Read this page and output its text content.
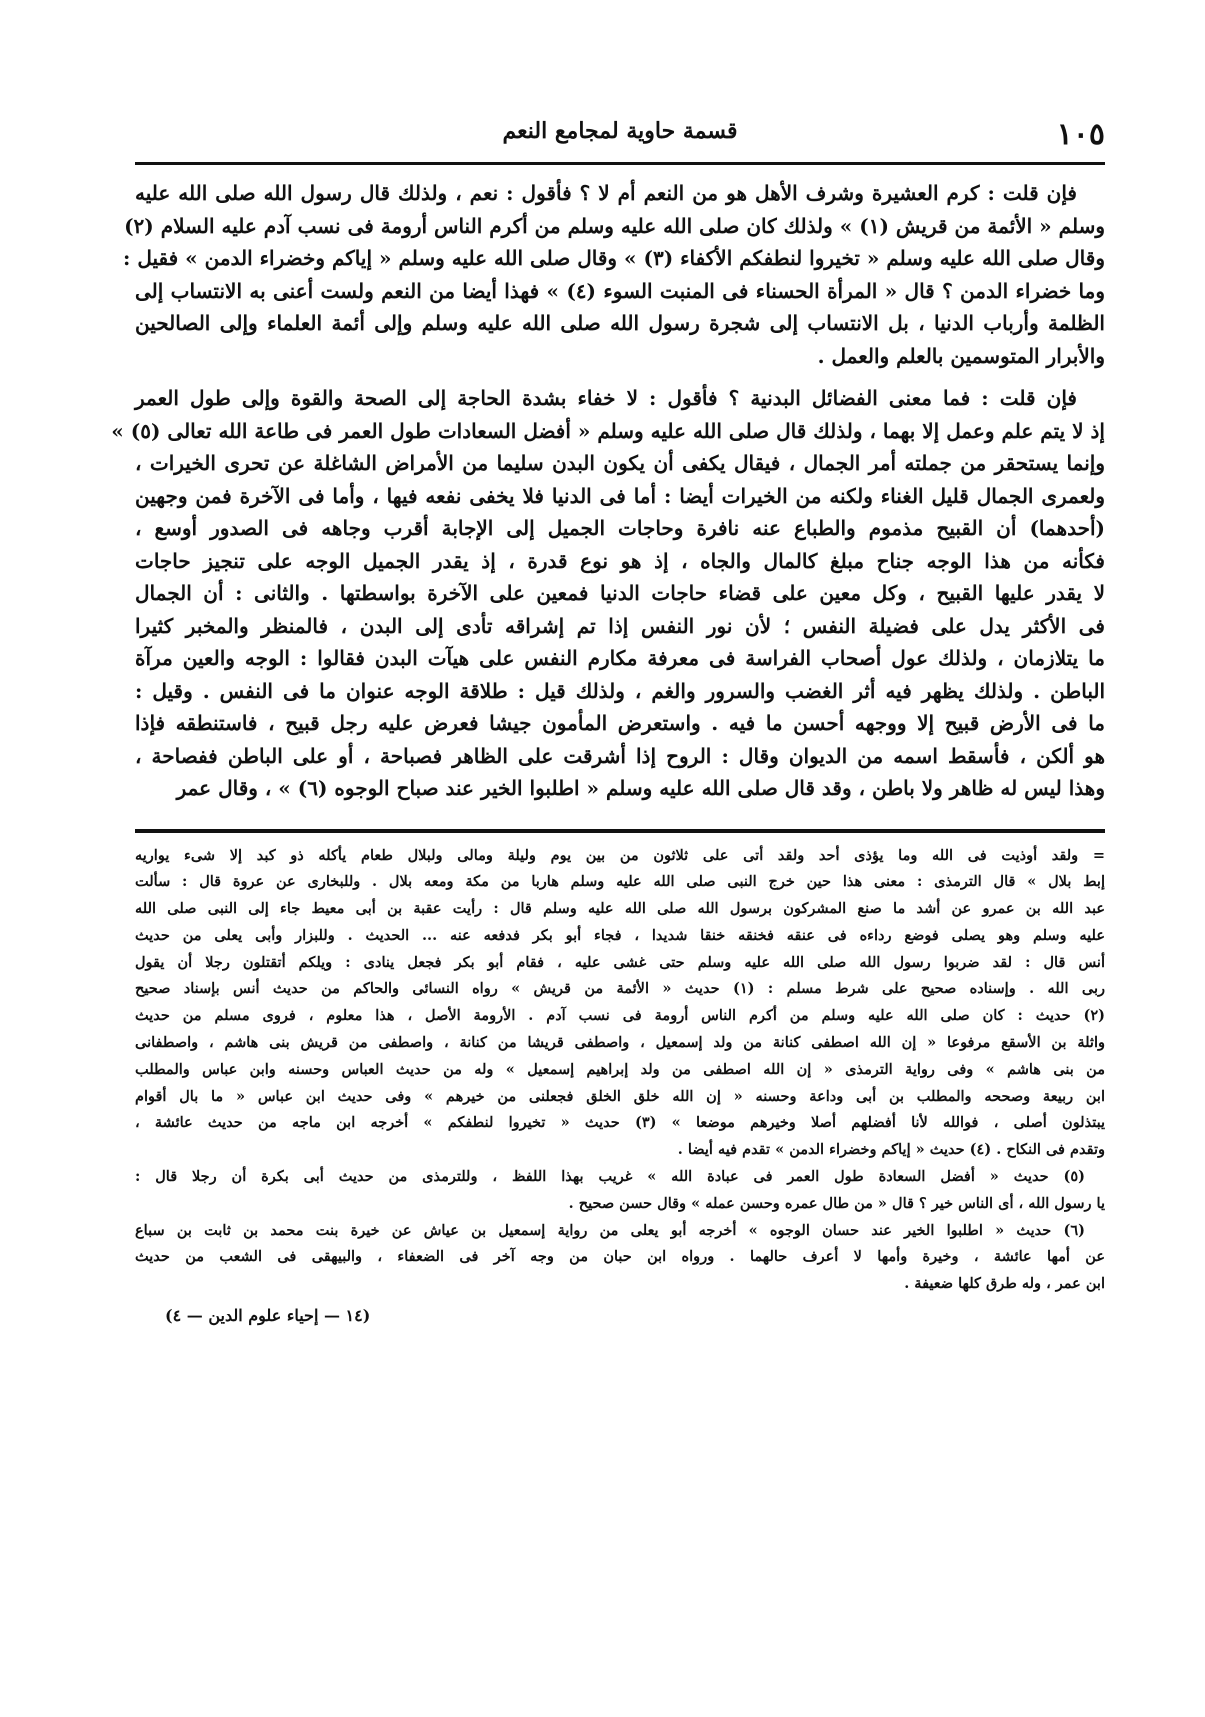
قسمة حاوية لمجامع النعم	١٠٥
فإن قلت : كرم العشيرة وشرف الأهل هو من النعم أم لا ؟ فأقول : نعم ، ولذلك قال رسول الله صلى الله عليه
وسلم « الأئمة من قريش (١) » ولذلك كان صلى الله عليه وسلم من أكرم الناس أرومة فى نسب آدم عليه السلام (٢)
وقال صلى الله عليه وسلم « تخيروا لنطفكم الأكفاء (٣) » وقال صلى الله عليه وسلم « إياكم وخضراء الدمن » فقيل :
وما خضراء الدمن ؟ قال « المرأة الحسناء فى المنبت السوء (٤) » فهذا أيضا من النعم ولست أعنى به الانتساب إلى
الظلمة وأرباب الدنيا ، بل الانتساب إلى شجرة رسول الله صلى الله عليه وسلم وإلى أئمة العلماء وإلى الصالحين
والأبرار المتوسمين بالعلم والعمل .
فإن قلت : فما معنى الفضائل البدنية ؟ فأقول : لا خفاء بشدة الحاجة إلى الصحة والقوة وإلى طول العمر
إذ لا يتم علم وعمل إلا بهما ، ولذلك قال صلى الله عليه وسلم « أفضل السعادات طول العمر فى طاعة الله تعالى (٥) »
وإنما يستحقر من جملته أمر الجمال ، فيقال يكفى أن يكون البدن سليما من الأمراض الشاغلة عن تحرى الخيرات ،
ولعمرى الجمال قليل الغناء ولكنه من الخيرات أيضا : أما فى الدنيا فلا يخفى نفعه فيها ، وأما فى الآخرة فمن وجهين
(أحدهما) أن القبيح مذموم والطباع عنه نافرة وحاجات الجميل إلى الإجابة أقرب وجاهه فى الصدور أوسع ،
فكأنه من هذا الوجه جناح مبلغ كالمال والجاه ، إذ هو نوع قدرة ، إذ يقدر الجميل الوجه على تنجيز حاجات
لا يقدر عليها القبيح ، وكل معين على قضاء حاجات الدنيا فمعين على الآخرة بواسطتها . والثانى : أن الجمال
فى الأكثر يدل على فضيلة النفس ؛ لأن نور النفس إذا تم إشراقه تأدى إلى البدن ، فالمنظر والمخبر كثيرا
ما يتلازمان ، ولذلك عول أصحاب الفراسة فى معرفة مكارم النفس على هيآت البدن فقالوا : الوجه والعين مرآة
الباطن . ولذلك يظهر فيه أثر الغضب والسرور والغم ، ولذلك قيل : طلاقة الوجه عنوان ما فى النفس . وقيل :
ما فى الأرض قبيح إلا ووجهه أحسن ما فيه . واستعرض المأمون جيشا فعرض عليه رجل قبيح ، فاستنطقه فإذا
هو ألكن ، فأسقط اسمه من الديوان وقال : الروح إذا أشرقت على الظاهر فصباحة ، أو على الباطن ففصاحة ،
وهذا ليس له ظاهر ولا باطن ، وقد قال صلى الله عليه وسلم « اطلبوا الخير عند صباح الوجوه (٦) » ، وقال عمر
= ولقد أوذيت فى الله وما يؤذى أحد ولقد أتى على ثلاثون من بين يوم وليلة ومالى ولبلال طعام يأكله ذو كبد إلا شىء يواريه
إبط بلال » قال الترمذى : معنى هذا حين خرج النبى صلى الله عليه وسلم هاربا من مكة ومعه بلال . وللبخارى عن عروة قال : سألت
عبد الله بن عمرو عن أشد ما صنع المشركون برسول الله صلى الله عليه وسلم قال : رأيت عقبة بن أبى معيط جاء إلى النبى صلى الله
عليه وسلم وهو يصلى فوضع رداءه فى عنقه فخنقه خنقا شديدا ، فجاء أبو بكر فدفعه عنه ... الحديث . وللبزار وأبى يعلى من حديث
أنس قال : لقد ضربوا رسول الله صلى الله عليه وسلم حتى غشى عليه ، فقام أبو بكر فجعل ينادى : ويلكم أتقتلون رجلا أن يقول
ربى الله . وإسناده صحيح على شرط مسلم : (١) حديث « الأئمة من قريش » رواه النسائى والحاكم من حديث أنس بإسناد صحيح
(٢) حديث : كان صلى الله عليه وسلم من أكرم الناس أرومة فى نسب آدم . الأرومة الأصل ، هذا معلوم ، فروى مسلم من حديث
واثلة بن الأسقع مرفوعا « إن الله اصطفى كنانة من ولد إسمعيل ، واصطفى قريشا من كنانة ، واصطفى من قريش بنى هاشم ، واصطفانى
من بنى هاشم » وفى رواية الترمذى « إن الله اصطفى من ولد إبراهيم إسمعيل » وله من حديث العباس وحسنه وابن عباس والمطلب
ابن ربيعة وصححه والمطلب بن أبى وداعة وحسنه « إن الله خلق الخلق فجعلنى من خيرهم » وفى حديث ابن عباس « ما بال أقوام
يبتذلون أصلى ، فوالله لأنا أفضلهم أصلا وخيرهم موضعا » (٣) حديث « تخيروا لنطفكم » أخرجه ابن ماجه من حديث عائشة ،
وتقدم فى النكاح . (٤) حديث « إياكم وخضراء الدمن » تقدم فيه أيضا .
(٥) حديث « أفضل السعادة طول العمر فى عبادة الله » غريب بهذا اللفظ ، وللترمذى من حديث أبى بكرة أن رجلا قال :
يا رسول الله ، أى الناس خير ؟ قال « من طال عمره وحسن عمله » وقال حسن صحيح .
(٦) حديث « اطلبوا الخير عند حسان الوجوه » أخرجه أبو يعلى من رواية إسمعيل بن عياش عن خيرة بنت محمد بن ثابت بن سباع
عن أمها عائشة ، وخيرة وأمها لا أعرف حالهما . ورواه ابن حبان من وجه آخر فى الضعفاء ، والبيهقى فى الشعب من حديث
ابن عمر ، وله طرق كلها ضعيفة .
(١٤ — إحياء علوم الدين — ٤)
